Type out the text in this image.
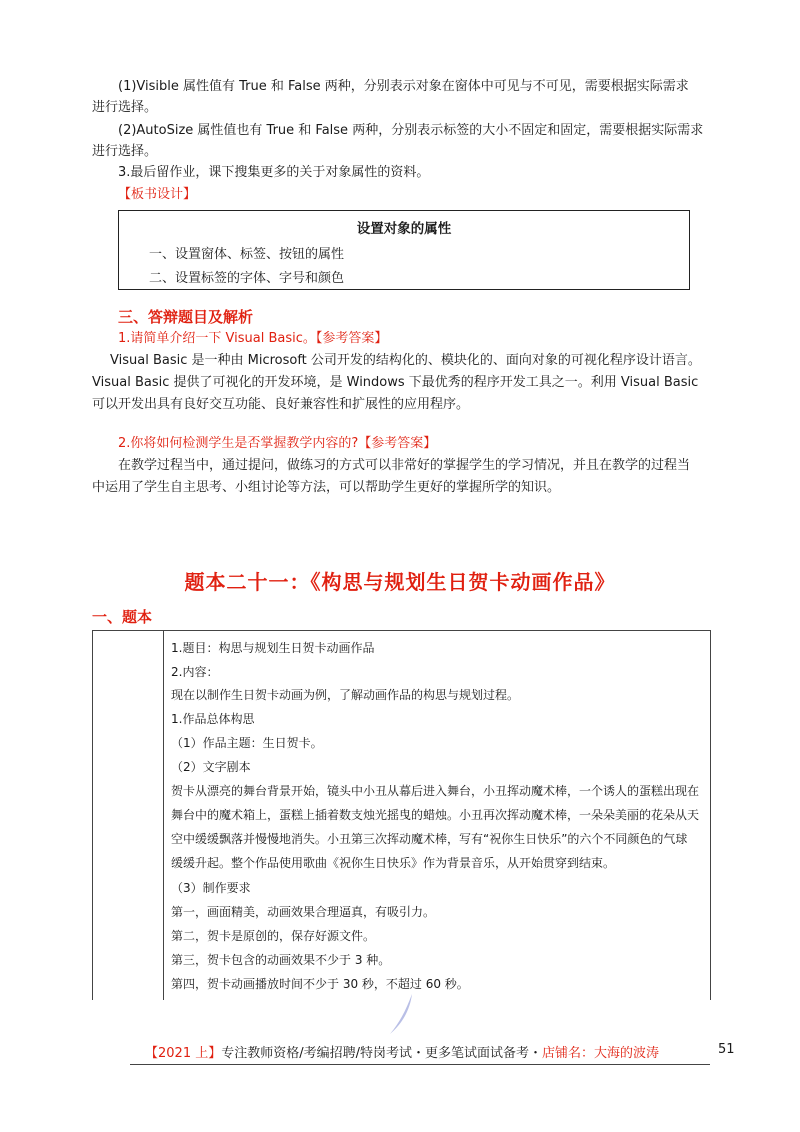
(1)Visible 属性值有 True 和 False 两种，分别表示对象在窗体中可见与不可见，需要根据实际需求
进行选择。
(2)AutoSize 属性值也有 True 和 False 两种，分别表示标签的大小不固定和固定，需要根据实际需求
进行选择。
3.最后留作业，课下搜集更多的关于对象属性的资料。
【板书设计】
设置对象的属性
一、设置窗体、标签、按钮的属性
二、设置标签的字体、字号和颜色
三、答辩题目及解析
1.请简单介绍一下 Visual Basic。【参考答案】
Visual Basic 是一种由 Microsoft 公司开发的结构化的、模块化的、面向对象的可视化程序设计语言。
Visual Basic 提供了可视化的开发环境，是 Windows 下最优秀的程序开发工具之一。利用 Visual Basic
可以开发出具有良好交互功能、良好兼容性和扩展性的应用程序。
2.你将如何检测学生是否掌握教学内容的?【参考答案】
在教学过程当中，通过提问，做练习的方式可以非常好的掌握学生的学习情况，并且在教学的过程当
中运用了学生自主思考、小组讨论等方法，可以帮助学生更好的掌握所学的知识。
题本二十一：《构思与规划生日贺卡动画作品》
一、题本
1.题目：构思与规划生日贺卡动画作品
2.内容：
现在以制作生日贺卡动画为例，了解动画作品的构思与规划过程。
1.作品总体构思
（1）作品主题：生日贺卡。
（2）文字剧本
贺卡从漂亮的舞台背景开始，镜头中小丑从幕后进入舞台，小丑挥动魔术棒，一个诱人的蛋糕出现在
舞台中的魔术箱上，蛋糕上插着数支烛光摇曳的蜡烛。小丑再次挥动魔术棒，一朵朵美丽的花朵从天
空中缓缓飘落并慢慢地消失。小丑第三次挥动魔术棒，写有“祝你生日快乐”的六个不同颜色的气球
缓缓升起。整个作品使用歌曲《祝你生日快乐》作为背景音乐，从开始贯穿到结束。
（3）制作要求
第一，画面精美，动画效果合理逼真，有吸引力。
第二，贺卡是原创的，保存好源文件。
第三，贺卡包含的动画效果不少于 3 种。
第四，贺卡动画播放时间不少于 30 秒，不超过 60 秒。
【2021 上】专注教师资格/考编招聘/特岗考试・更多笔试面试备考・店铺名：大海的波涛	51
